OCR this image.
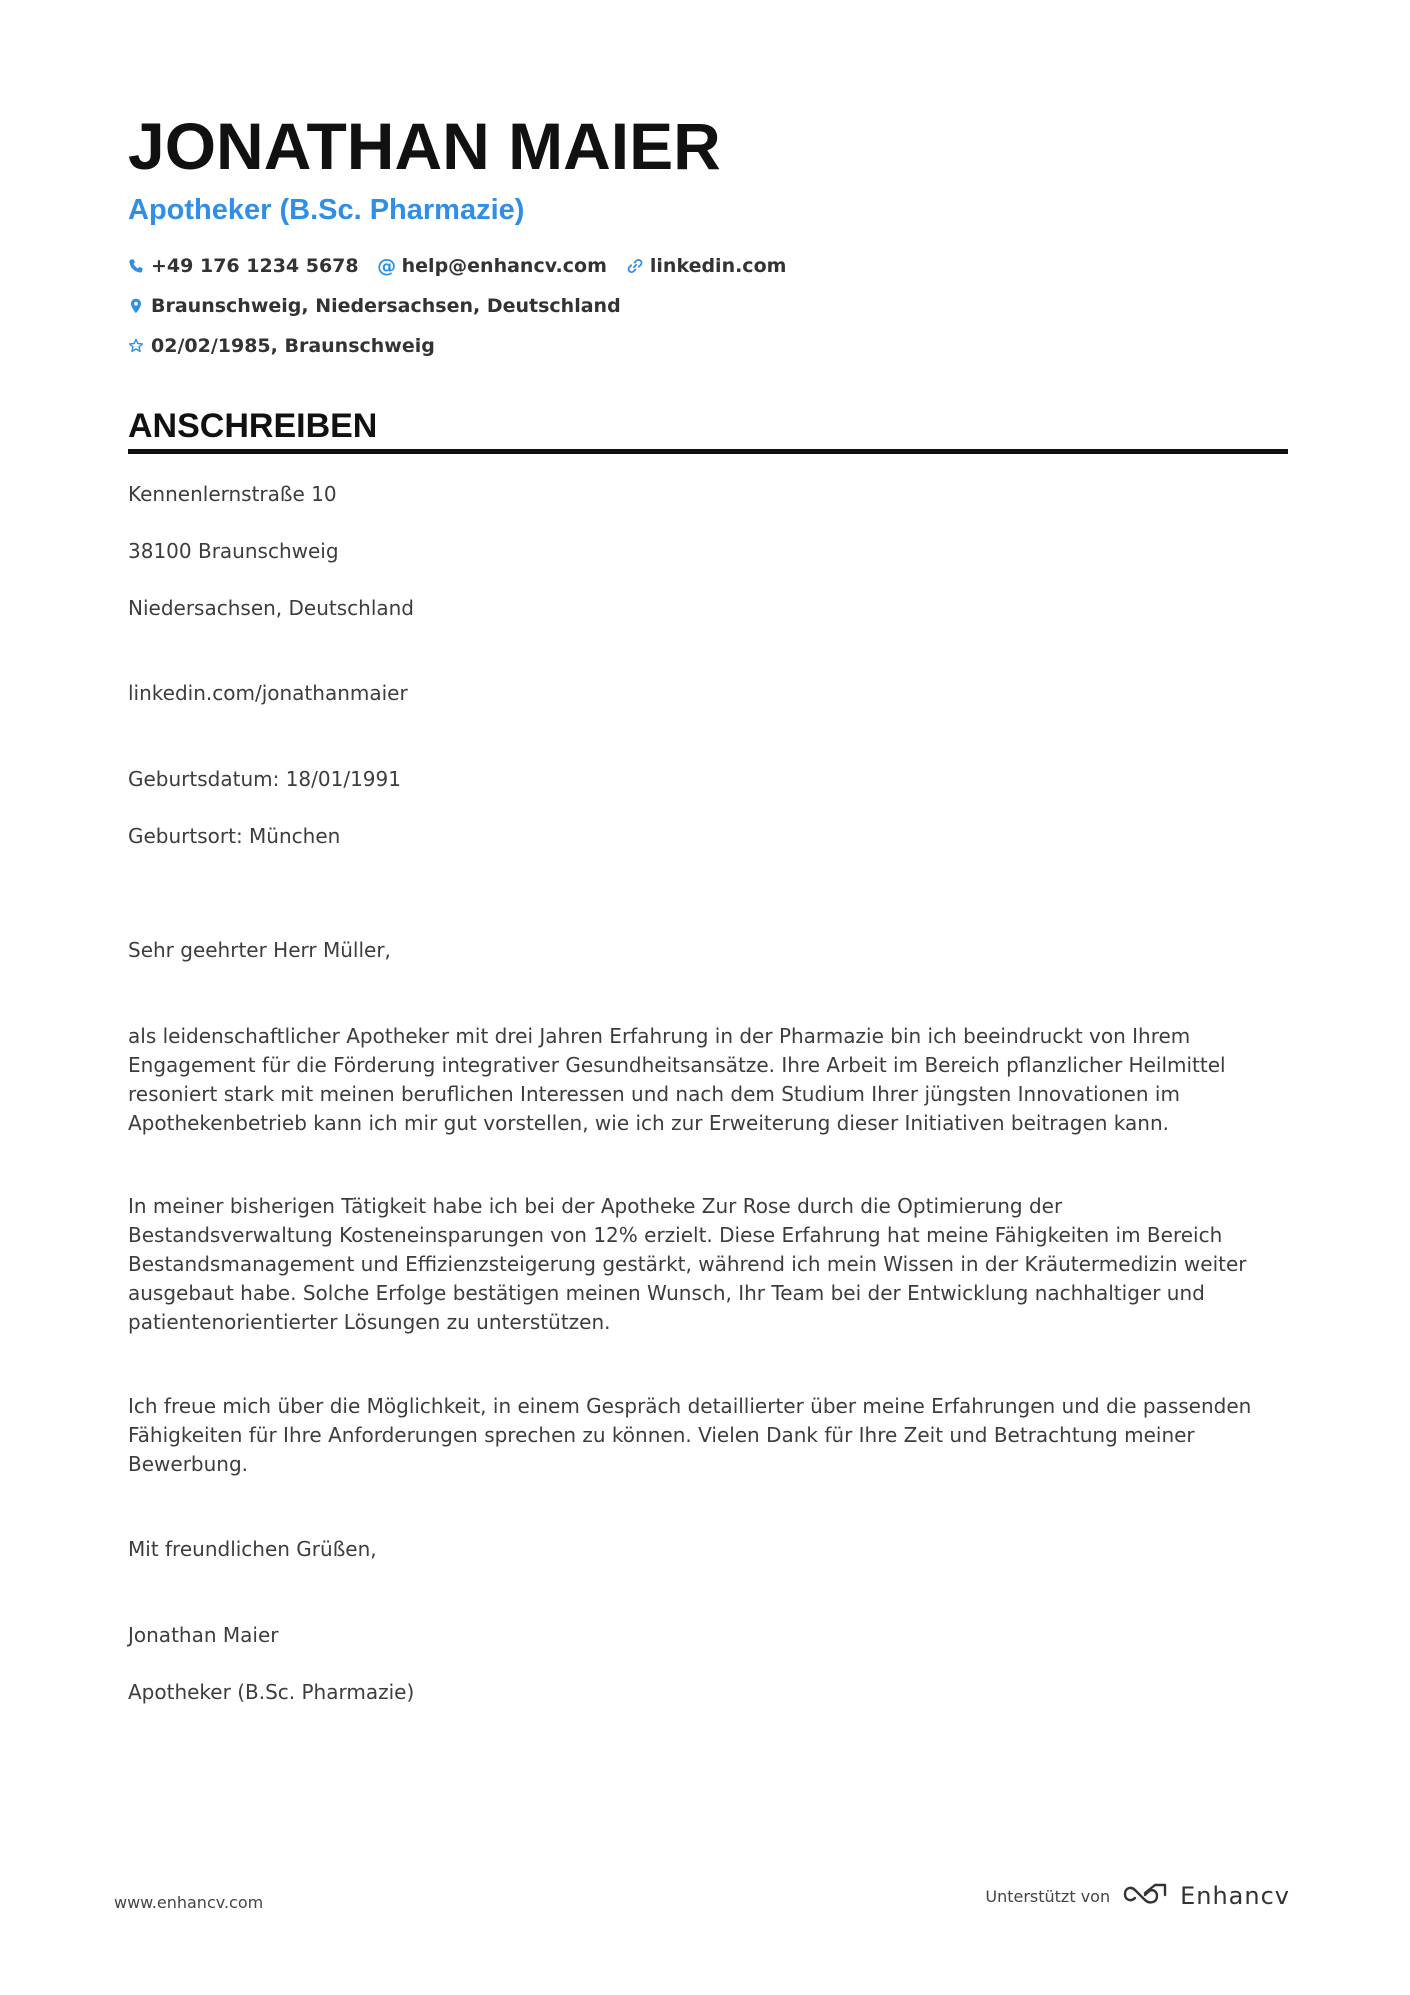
JONATHAN MAIER
Apotheker (B.Sc. Pharmazie)
+49 176 1234 5678 @ help@enhancv.com linkedin.com
Braunschweig, Niedersachsen, Deutschland
02/02/1985, Braunschweig
ANSCHREIBEN

Kennenlernstraße 10

38100 Braunschweig

Niedersachsen, Deutschland

linkedin.com/jonathanmaier

Geburtsdatum: 18/01/1991

Geburtsort: München

Sehr geehrter Herr Müller,

als leidenschaftlicher Apotheker mit drei Jahren Erfahrung in der Pharmazie bin ich beeindruckt von Ihrem Engagement für die Förderung integrativer Gesundheitsansätze. Ihre Arbeit im Bereich pflanzlicher Heilmittel resoniert stark mit meinen beruflichen Interessen und nach dem Studium Ihrer jüngsten Innovationen im Apothekenbetrieb kann ich mir gut vorstellen, wie ich zur Erweiterung dieser Initiativen beitragen kann.

In meiner bisherigen Tätigkeit habe ich bei der Apotheke Zur Rose durch die Optimierung der Bestandsverwaltung Kosteneinsparungen von 12% erzielt. Diese Erfahrung hat meine Fähigkeiten im Bereich Bestandsmanagement und Effizienzsteigerung gestärkt, während ich mein Wissen in der Kräutermedizin weiter ausgebaut habe. Solche Erfolge bestätigen meinen Wunsch, Ihr Team bei der Entwicklung nachhaltiger und patientenorientierter Lösungen zu unterstützen.

Ich freue mich über die Möglichkeit, in einem Gespräch detaillierter über meine Erfahrungen und die passenden Fähigkeiten für Ihre Anforderungen sprechen zu können. Vielen Dank für Ihre Zeit und Betrachtung meiner Bewerbung.

Mit freundlichen Grüßen,

Jonathan Maier

Apotheker (B.Sc. Pharmazie)

www.enhancv.com	Unterstützt von	Enhancv
